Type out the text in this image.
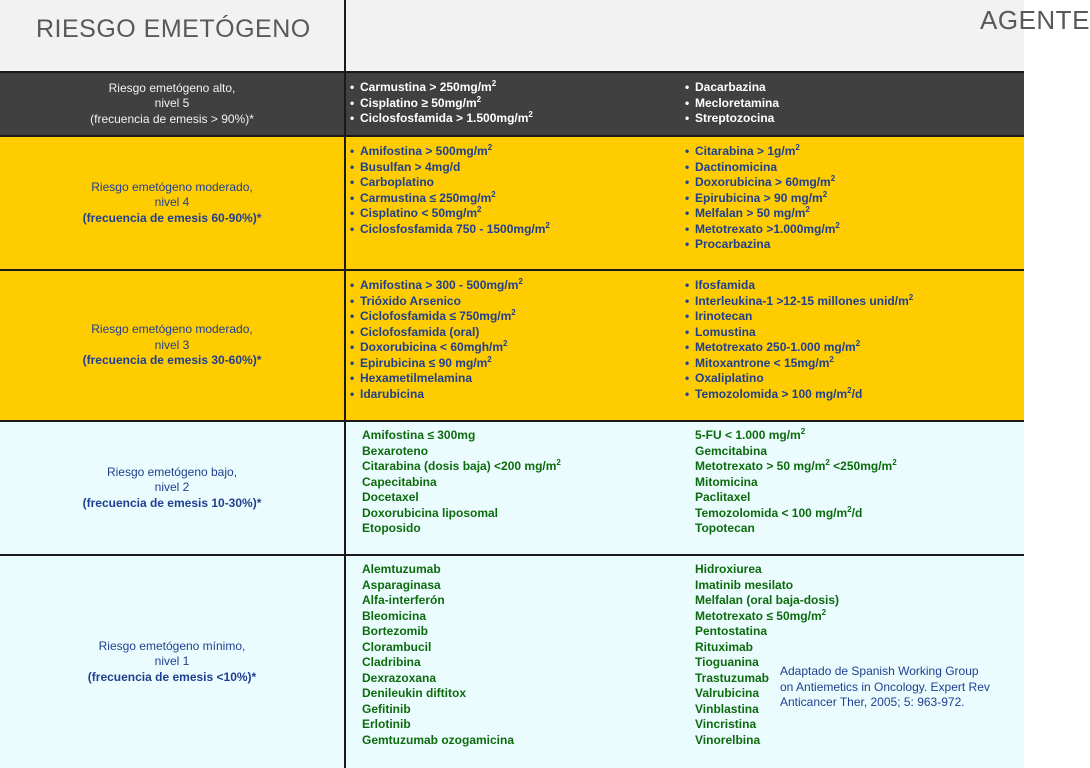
RIESGO EMETÓGENO	AGENTE
Riesgo emetógeno alto,
nivel 5
(frecuencia de emesis > 90%)*
• Carmustina > $250mg/m^2$
• Cisplatino ≥ $50mg/m^2$
• Ciclosfosfamida > $1.500mg/m^2$
• Dacarbazina
• Mecloretamina
• Streptozocina
Riesgo emetógeno moderado,
nivel 4
(frecuencia de emesis 60-90%)*
• Amifostina > $500mg/m^2$
• Busulfan > 4mg/d
• Carboplatino
• Carmustina ≤ $250mg/m^2$
• Cisplatino < $50mg/m^2$
• Ciclosfosfamida $750 - 1500mg/m^2$
• Citarabina > $1g/m^2$
• Dactinomicina
• Doxorubicina > $60mg/m^2$
• Epirubicina > 90 $mg/m^2$
• Melfalan > 50 $mg/m^2$
• Metotrexato $>1.000mg/m^2$
• Procarbazina
Riesgo emetógeno moderado,
nivel 3
(frecuencia de emesis 30-60%)*
• Amifostina > $300 - 500mg/m^2$
• Trióxido Arsenico
• Ciclofosfamida ≤ $750mg/m^2$
• Ciclofosfamida (oral)
• Doxorubicina < $60mgh/m^2$
• Epirubicina ≤ 90 $mg/m^2$
• Hexametilmelamina
• Idarubicina
• Ifosfamida
• Interleukina-1 >12-15 millones unid/$m^2$
• Irinotecan
• Lomustina
• Metotrexato 250-1.000 $mg/m^2$
• Mitoxantrone < $15mg/m^2$
• Oxaliplatino
• Temozolomida > 100 $mg/m^2/d$
Riesgo emetógeno bajo,
nivel 2
(frecuencia de emesis 10-30%)*
Amifostina ≤ 300mg
Bexaroteno
Citarabina (dosis baja) <200 $mg/m^2$
Capecitabina
Docetaxel
Doxorubicina liposomal
Etoposido
5-FU < 1.000 $mg/m^2$
Gemcitabina
Metotrexato > 50 $mg/m^2 <250mg/m^2$
Mitomicina
Paclitaxel
Temozolomida < 100 $mg/m^2/d$
Topotecan
Riesgo emetógeno mínimo,
nivel 1
(frecuencia de emesis <10%)*
Alemtuzumab
Asparaginasa
Alfa-interferón
Bleomicina
Bortezomib
Clorambucil
Cladribina
Dexrazoxana
Denileukin diftitox
Gefitinib
Erlotinib
Gemtuzumab ozogamicina
Hidroxiurea
Imatinib mesilato
Melfalan (oral baja-dosis)
Metotrexato ≤ $50mg/m^2$
Pentostatina
Rituximab
Tioguanina
Trastuzumab
Valrubicina
Vinblastina
Vincristina
Vinorelbina
Adaptado de Spanish Working Group
on Antiemetics in Oncology. Expert Rev
Anticancer Ther, 2005; 5: 963-972.
